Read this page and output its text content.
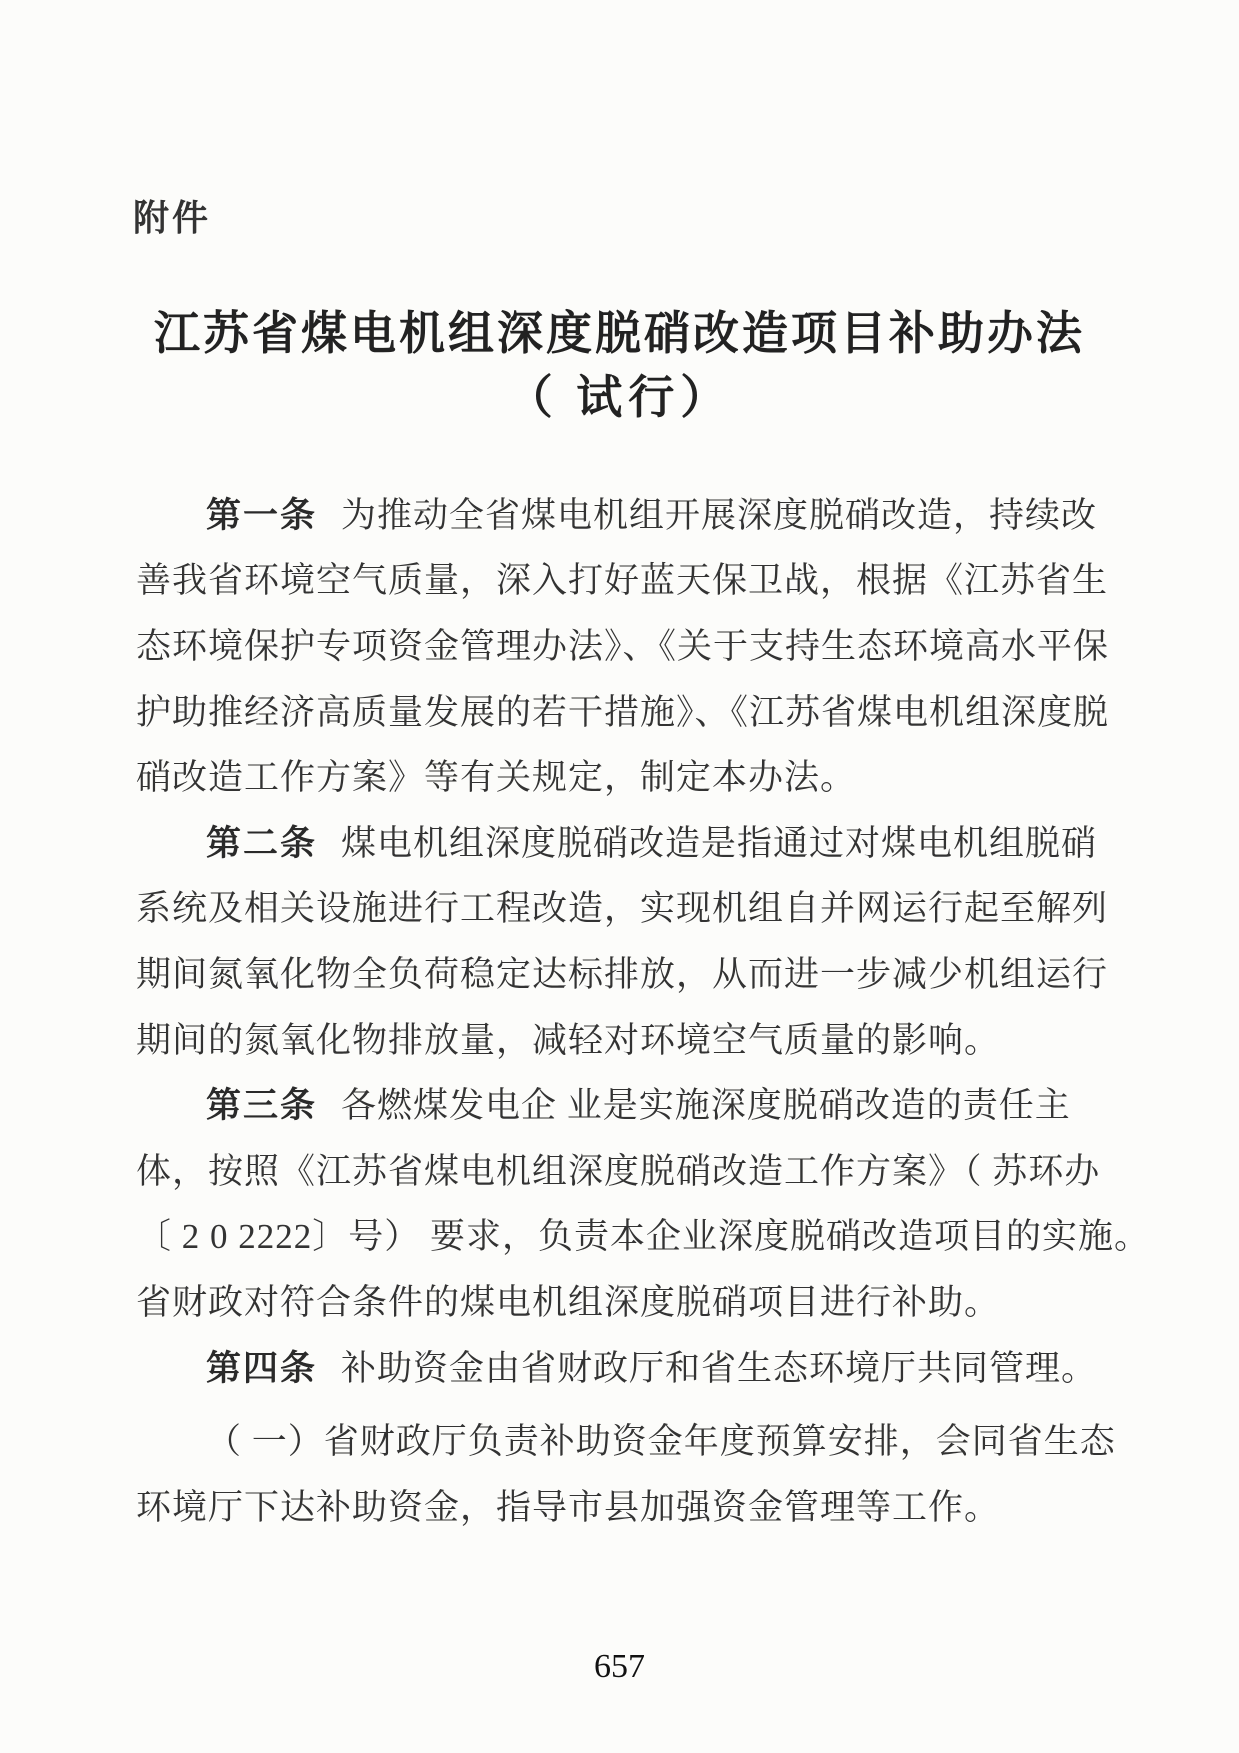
附件
江苏省煤电机组深度脱硝改造项目补助办法
（ 试行）
第一条 为推动全省煤电机组开展深度脱硝改造，持续改
善我省环境空气质量，深入打好蓝天保卫战，根据《江苏省生
态环境保护专项资金管理办法》、《关于支持生态环境高水平保
护助推经济高质量发展的若干措施》、《江苏省煤电机组深度脱
硝改造工作方案》等有关规定，制定本办法。
第二条 煤电机组深度脱硝改造是指通过对煤电机组脱硝
系统及相关设施进行工程改造，实现机组自并网运行起至解列
期间氮氧化物全负荷稳定达标排放，从而进一步减少机组运行
期间的氮氧化物排放量，减轻对环境空气质量的影响。
第三条 各燃煤发电企 业是实施深度脱硝改造的责任主
体，按照《江苏省煤电机组深度脱硝改造工作方案》（ 苏环办
〔 2 0 2222〕号） 要求，负责本企业深度脱硝改造项目的实施。
省财政对符合条件的煤电机组深度脱硝项目进行补助。
第四条 补助资金由省财政厅和省生态环境厅共同管理。
（ 一）省财政厅负责补助资金年度预算安排，会同省生态
环境厅下达补助资金，指导市县加强资金管理等工作。
657
